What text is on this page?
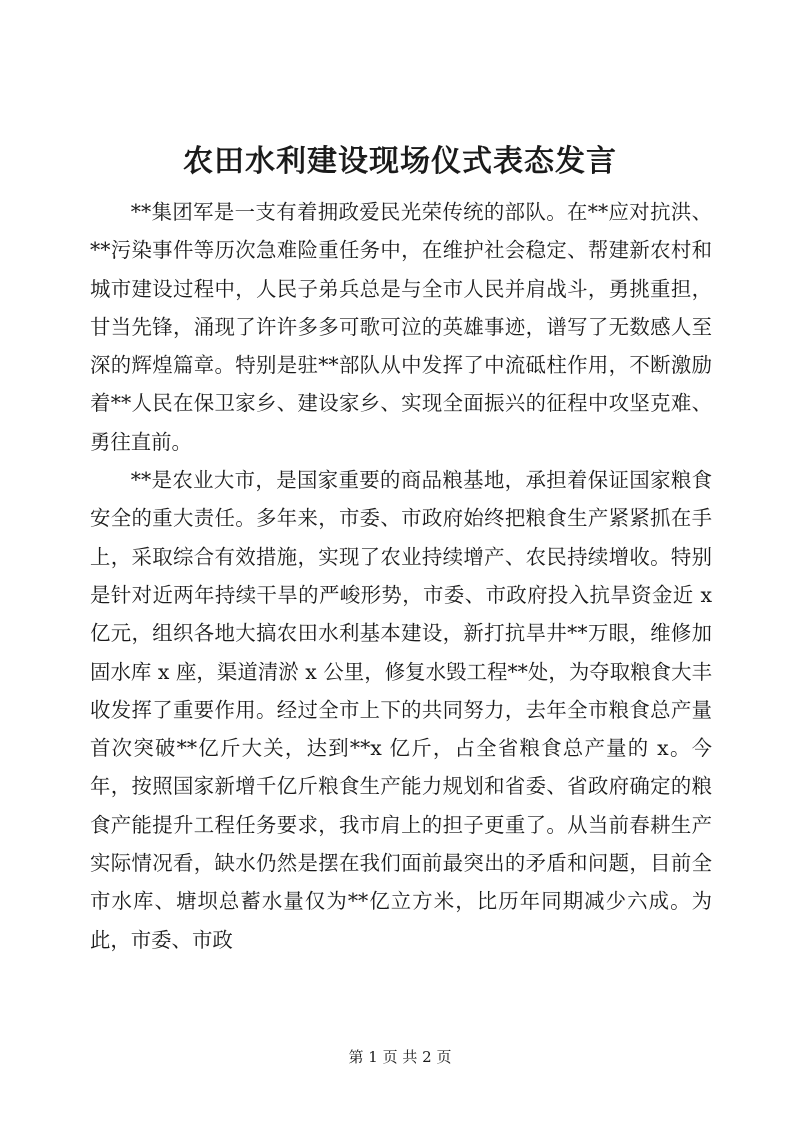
农田水利建设现场仪式表态发言

**集团军是一支有着拥政爱民光荣传统的部队。在**应对抗洪、**污染事件等历次急难险重任务中，在维护社会稳定、帮建新农村和城市建设过程中，人民子弟兵总是与全市人民并肩战斗，勇挑重担，甘当先锋，涌现了许许多多可歌可泣的英雄事迹，谱写了无数感人至深的辉煌篇章。特别是驻**部队从中发挥了中流砥柱作用，不断激励着**人民在保卫家乡、建设家乡、实现全面振兴的征程中攻坚克难、勇往直前。

**是农业大市，是国家重要的商品粮基地，承担着保证国家粮食安全的重大责任。多年来，市委、市政府始终把粮食生产紧紧抓在手上，采取综合有效措施，实现了农业持续增产、农民持续增收。特别是针对近两年持续干旱的严峻形势，市委、市政府投入抗旱资金近 x 亿元，组织各地大搞农田水利基本建设，新打抗旱井**万眼，维修加固水库 x 座，渠道清淤 x 公里，修复水毁工程**处，为夺取粮食大丰收发挥了重要作用。经过全市上下的共同努力，去年全市粮食总产量首次突破**亿斤大关，达到**x 亿斤，占全省粮食总产量的 x。今年，按照国家新增千亿斤粮食生产能力规划和省委、省政府确定的粮食产能提升工程任务要求，我市肩上的担子更重了。从当前春耕生产实际情况看，缺水仍然是摆在我们面前最突出的矛盾和问题，目前全市水库、塘坝总蓄水量仅为**亿立方米，比历年同期减少六成。为此，市委、市政

第 1 页 共 2 页
